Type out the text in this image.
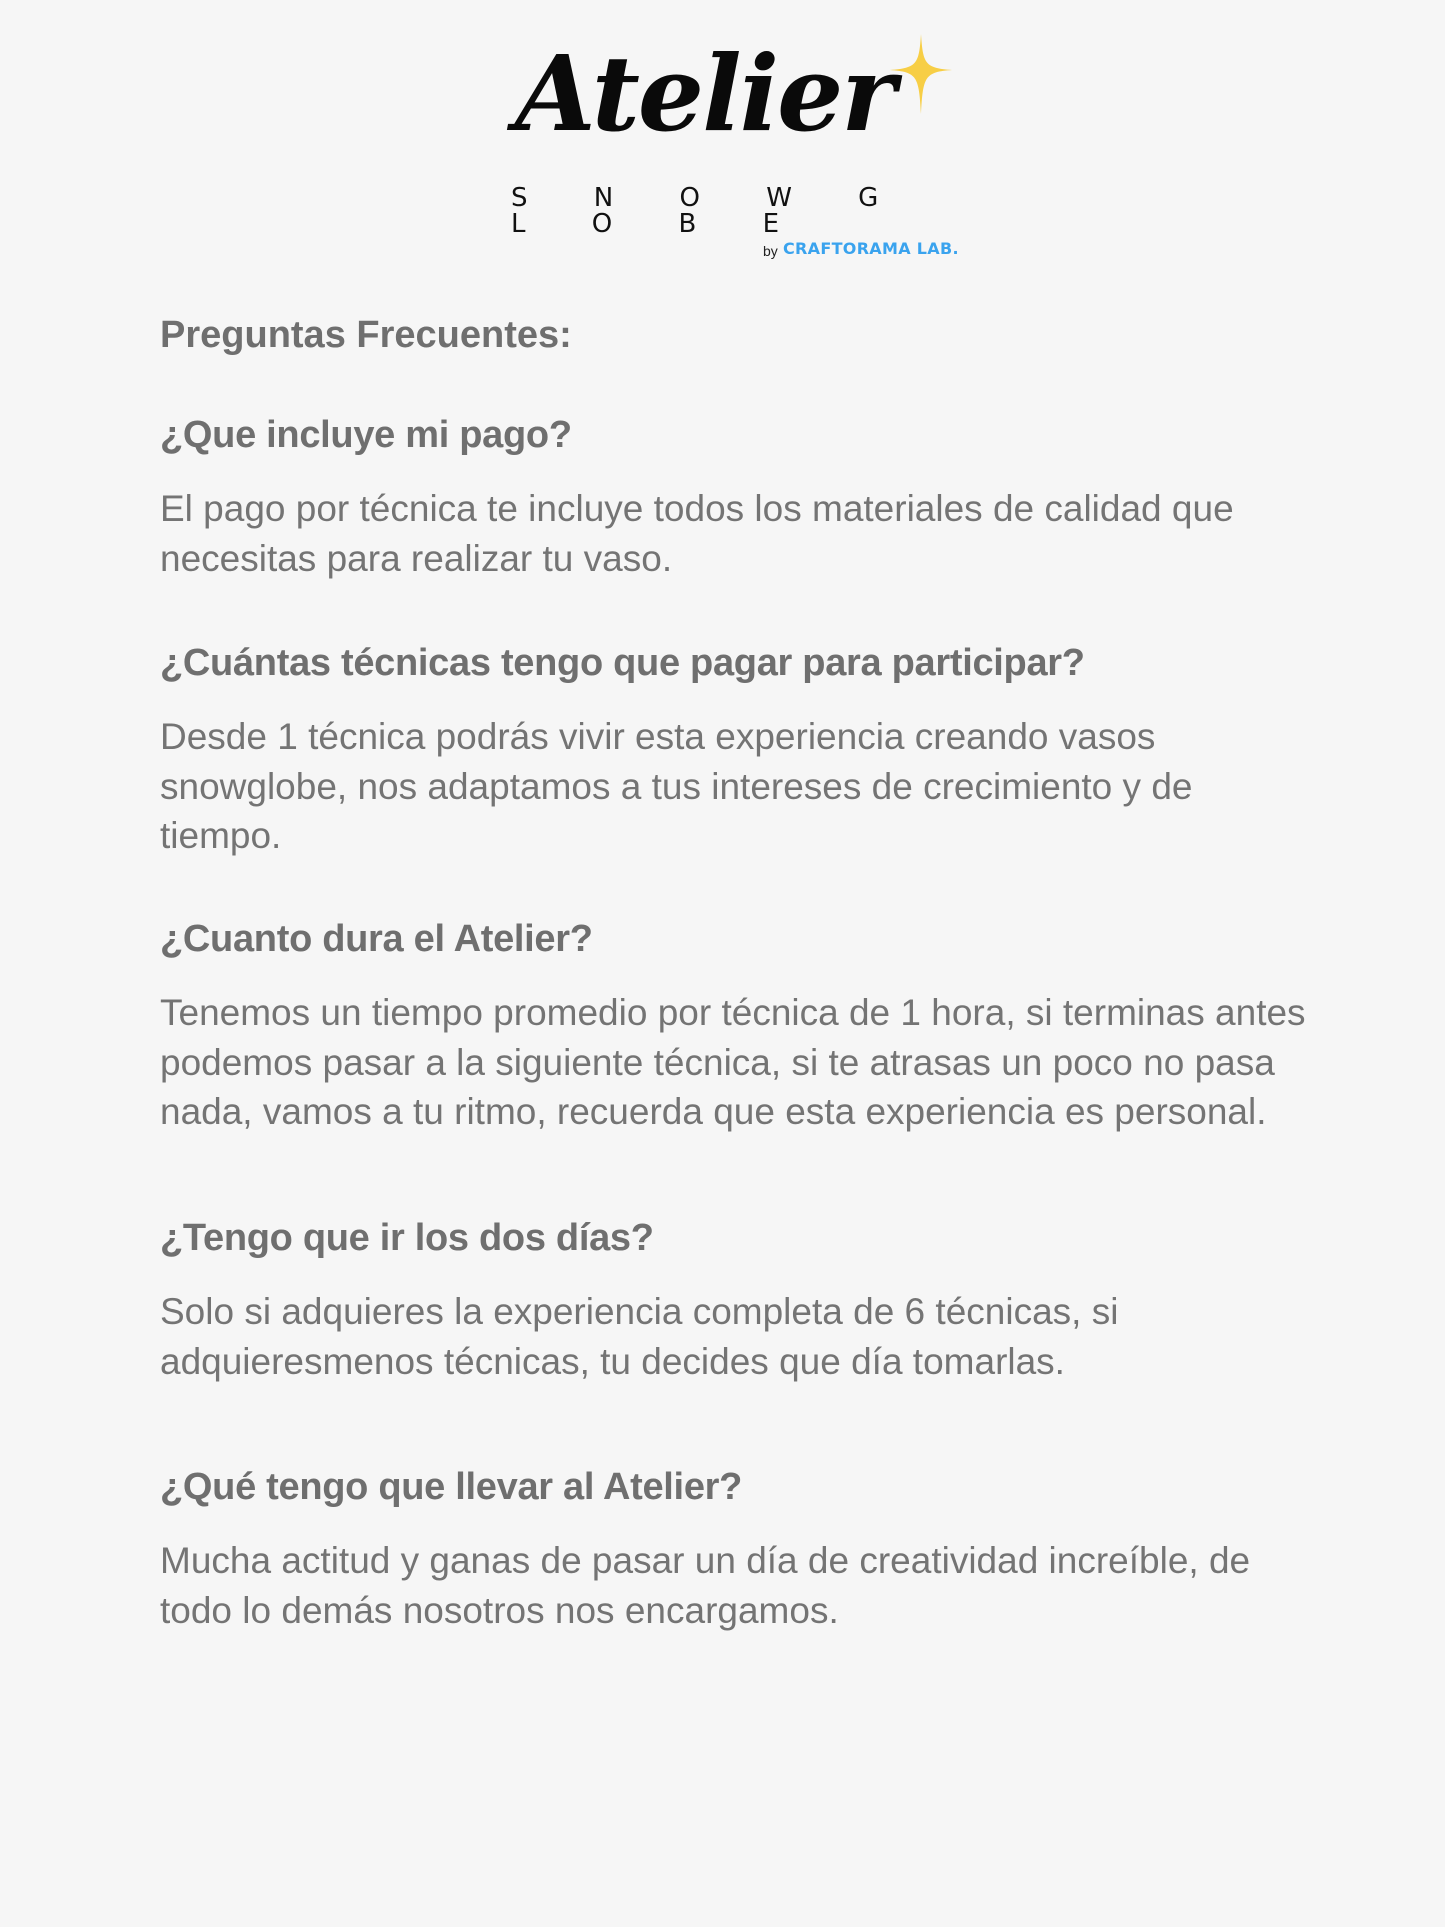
Atelier
S N O W G L O B E
by CRAFTORAMA LAB.
Preguntas Frecuentes:
¿Que incluye mi pago?

El pago por técnica te incluye todos los materiales de calidad que necesitas para realizar tu vaso.

¿Cuántas técnicas tengo que pagar para participar?

Desde 1 técnica podrás vivir esta experiencia creando vasos snowglobe, nos adaptamos a tus intereses de crecimiento y de tiempo.

¿Cuanto dura el Atelier?

Tenemos un tiempo promedio por técnica de 1 hora, si terminas antes podemos pasar a la siguiente técnica, si te atrasas un poco no pasa nada, vamos a tu ritmo, recuerda que esta experiencia es personal.

¿Tengo que ir los dos días?

Solo si adquieres la experiencia completa de 6 técnicas, si adquieresmenos técnicas, tu decides que día tomarlas.

¿Qué tengo que llevar al Atelier?

Mucha actitud y ganas de pasar un día de creatividad increíble, de todo lo demás nosotros nos encargamos.
